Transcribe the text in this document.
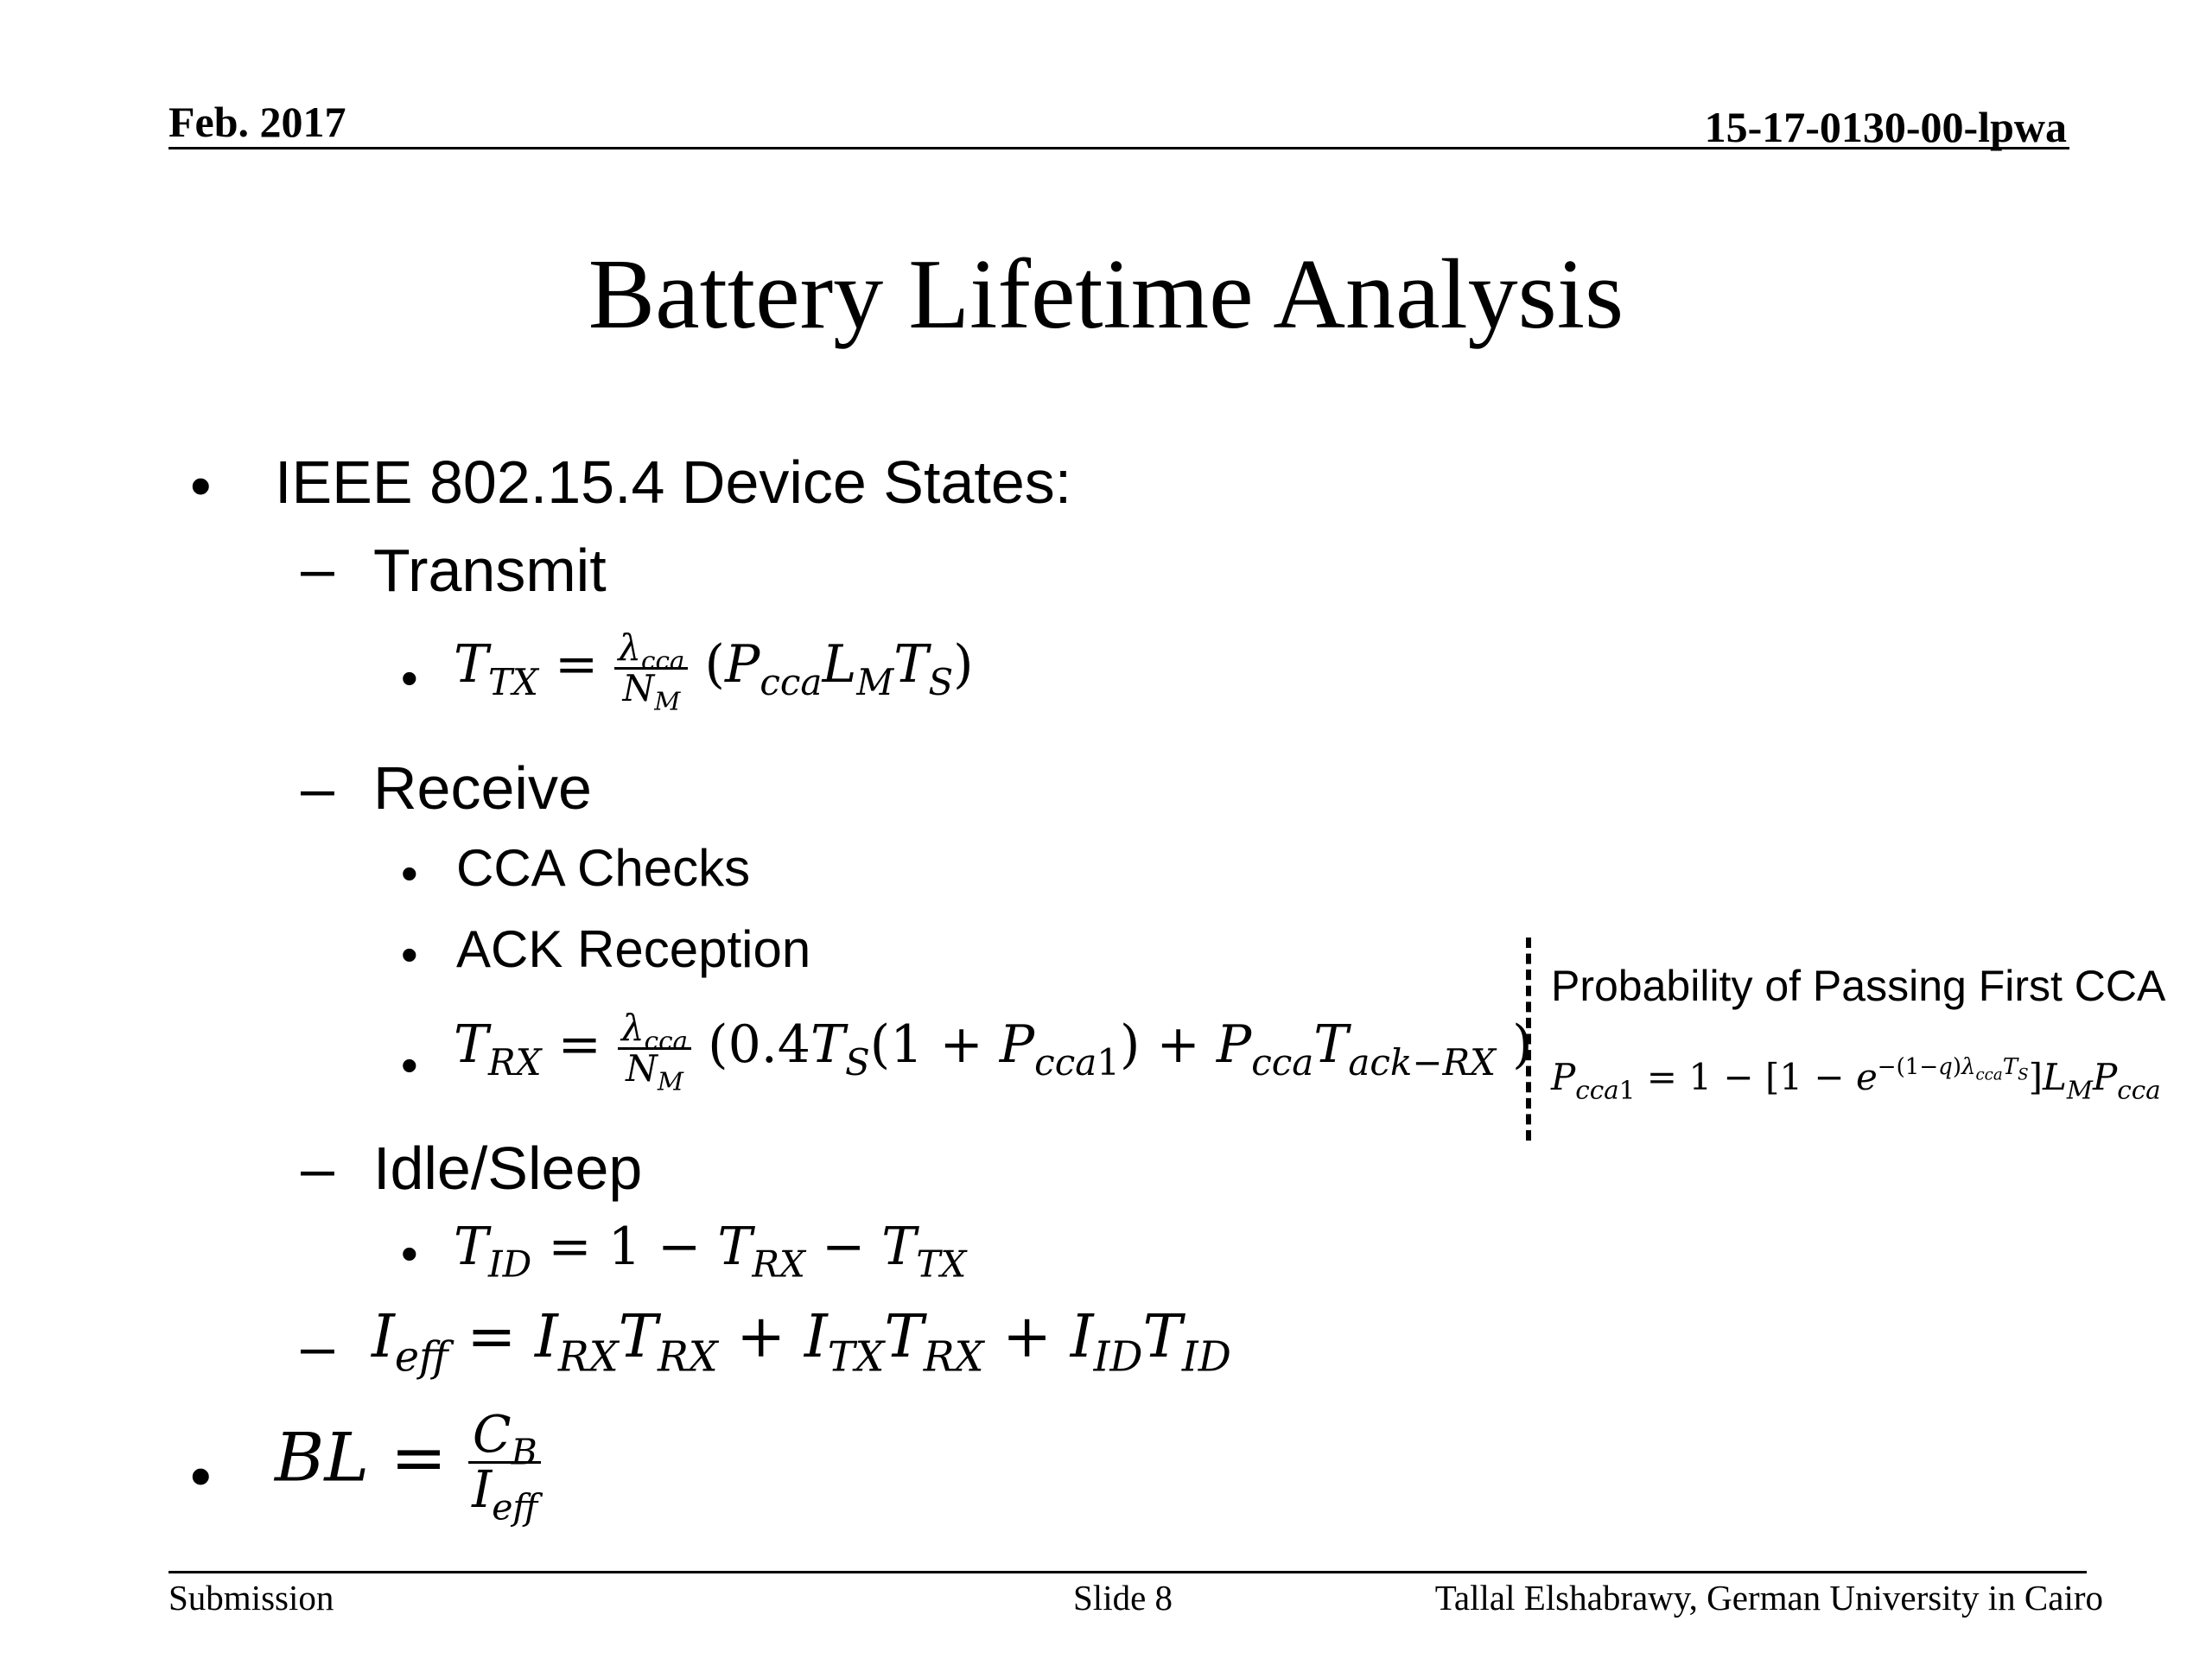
Feb. 2017	15-17-0130-00-lpwa
Battery Lifetime Analysis
• IEEE 802.15.4 Device States:
– Transmit
• $T_{TX} = \frac{\lambda_{cca}}{N_M} (P_{cca}L_MT_S)$
– Receive
• CCA Checks
• ACK Reception
• $T_{RX} = \frac{\lambda_{cca}}{N_M} (0.4T_S(1 + P_{cca1}) + P_{cca}T_{ack-RX}$ )
Probability of Passing First CCA
$P_{cca1} = 1 - [1 - e^{-(1-q)\lambda_{cca}T_S}]L_MP_{cca}$
– Idle/Sleep
• $T_{ID} = 1 - T_{RX} - T_{TX}$
– $I_{eff} = I_{RX}T_{RX} + I_{TX}T_{RX} + I_{ID}T_{ID}$
• BL = $\frac{C_B}{I_{eff}}$
Submission	Slide 8	Tallal Elshabrawy, German University in Cairo
